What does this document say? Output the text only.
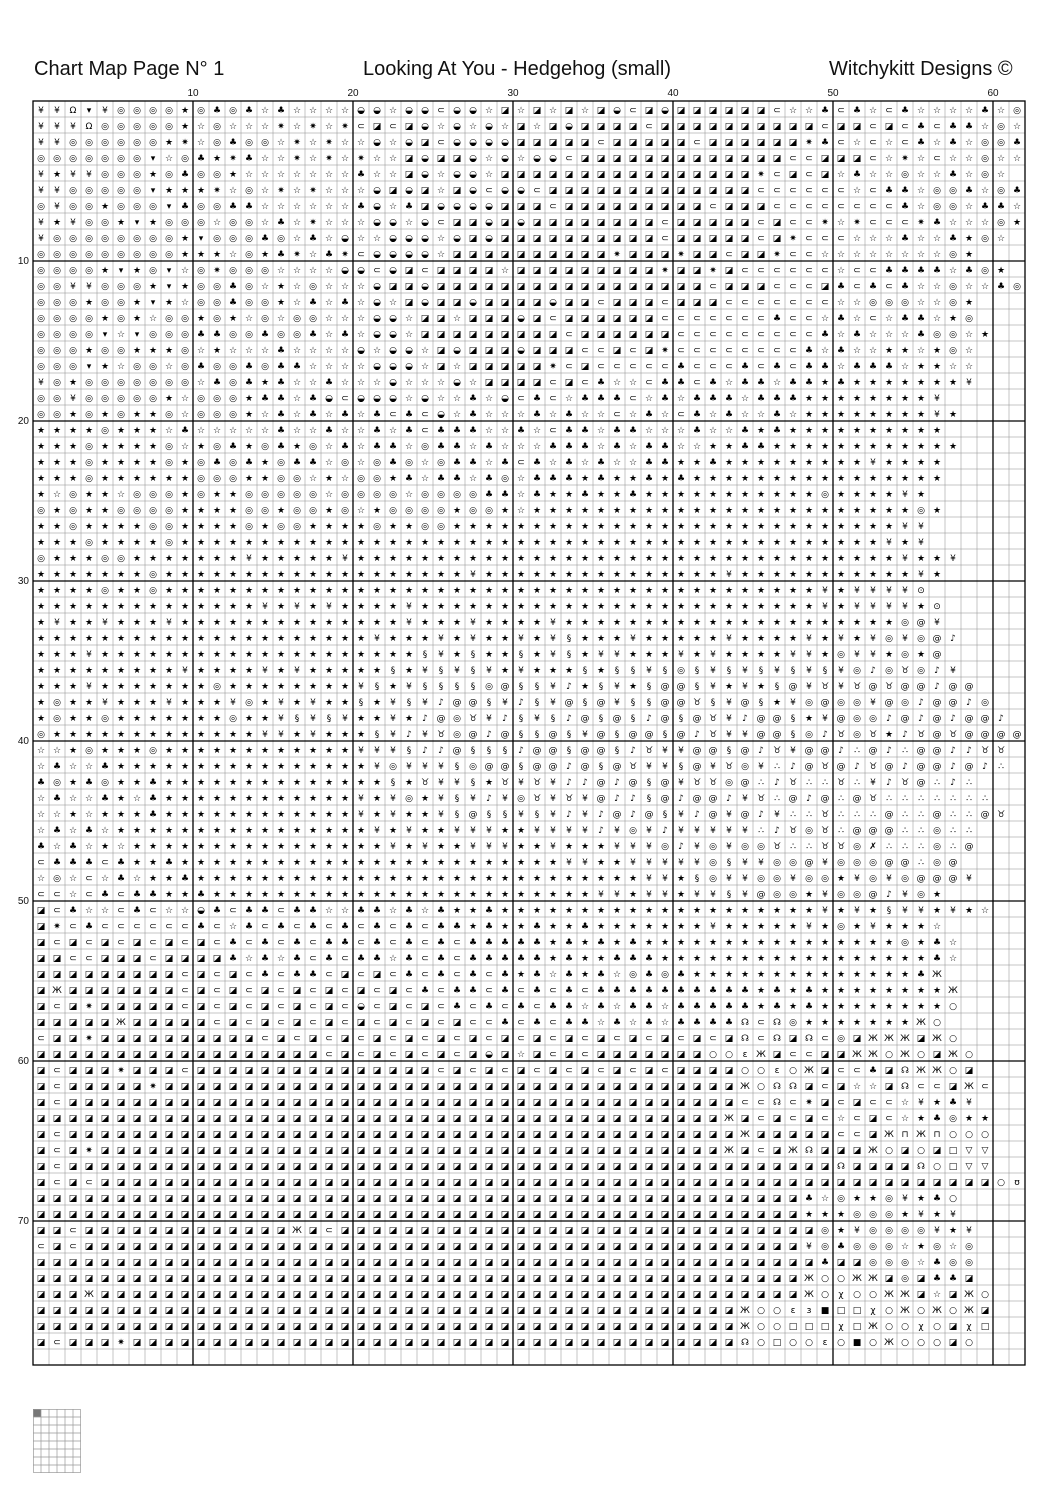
Chart Map Page N° 1	Looking At You - Hedgehog (small)	Witchykitt Designs ©
¥ ¥ Ω ▾ ¥ ◎ ◎ ◎ ◎ ★ ◎ ♣ ◎ ♣ ☆ ♣ ☆ ☆ ☆ ☆ ◒ ◒ ☆ ◒ ◒ ⊂ ◒ ◒ ☆ ◪ ☆ ◪ ☆ ◪ ☆ ◪ ◒ ⊂ ◪ ◒ ◪ ◪ ◪ ◪ ◪ ◪ ⊂ ☆ ☆ ♣ ⊂ ♣ ☆ ⊂ ♣ ☆ ☆ ☆ ☆ ♣ ☆ ◎
¥ ¥ ¥ Ω ◎ ◎ ◎ ◎ ◎ ★ ☆ ◎ ☆ ☆ ☆ ✷ ☆ ✷ ☆ ✷ ⊂ ◪ ⊂ ◪ ◒ ☆ ◒ ☆ ◒ ☆ ◪ ☆ ◪ ◒ ◪ ◪ ◪ ◪ ⊂ ◪ ◪ ◪ ◪ ◪ ◪ ◪ ◪ ◪ ◪ ⊂ ◪ ◪ ⊂ ◪ ⊂ ♣ ⊂ ♣ ♣ ☆ ◎ ☆
¥ ¥ ◎ ◎ ◎ ◎ ◎ ◎ ★ ✷ ☆ ◎ ♣ ◎ ◎ ☆ ✷ ☆ ✷ ☆ ☆ ◒ ☆ ◒ ◪ ⊂ ◒ ◒ ◒ ◒ ◪ ◪ ◪ ◪ ◪ ⊂ ◪ ◪ ◪ ◪ ◪ ⊂ ◪ ◪ ◪ ◪ ◪ ◪ ✷ ♣ ⊂ ☆ ⊂ ☆ ⊂ ♣ ☆ ♣ ☆ ◎ ◎ ♣
◎ ◎ ◎ ◎ ◎ ◎ ◎ ▾ ☆ ◎ ♣ ★ ✷ ♣ ☆ ☆ ✷ ☆ ✷ ☆ ✷ ☆ ☆ ◪ ◒ ◪ ◪ ◒ ☆ ◒ ☆ ◒ ◒ ⊂ ◪ ◪ ◪ ◪ ◪ ◪ ◪ ◪ ◪ ◪ ◪ ◪ ◪ ⊂ ⊂ ◪ ◪ ◪ ⊂ ☆ ✷ ☆ ⊂ ☆ ☆ ◎ ☆ ☆
¥ ★ ¥ ¥ ◎ ◎ ◎ ★ ◎ ♣ ◎ ◎ ★ ☆ ☆ ☆ ☆ ☆ ☆ ☆ ♣ ☆ ☆ ◪ ◒ ☆ ◒ ◒ ☆ ◪ ◪ ◪ ◪ ◪ ◪ ◪ ◪ ◪ ◪ ◪ ◪ ◪ ◪ ◪ ◪ ✷ ⊂ ◪ ⊂ ◪ ☆ ♣ ☆ ☆ ◎ ☆ ☆ ♣ ☆ ◎ ☆
¥ ¥ ◎ ◎ ◎ ◎ ◎ ▾ ★ ★ ★ ✷ ☆ ◎ ☆ ✷ ☆ ✷ ☆ ☆ ☆ ◒ ◪ ◒ ◪ ☆ ◪ ◒ ⊂ ◒ ◒ ⊂ ◪ ◪ ◪ ◪ ◪ ◪ ◪ ◪ ◪ ◪ ◪ ◪ ◪ ⊂ ⊂ ⊂ ⊂ ⊂ ⊂ ☆ ⊂ ♣ ♣ ☆ ◎ ◎ ♣ ☆ ◎ ♣
◎ ¥ ◎ ◎ ★ ◎ ◎ ◎ ▾ ♣ ◎ ◎ ♣ ♣ ☆ ☆ ☆ ☆ ☆ ☆ ♣ ◒ ☆ ♣ ◪ ◒ ◒ ◒ ◒ ◪ ◪ ◪ ⊂ ◪ ◪ ◪ ◪ ◪ ◪ ◪ ◪ ◪ ⊂ ◪ ◪ ◪ ⊂ ⊂ ⊂ ⊂ ⊂ ⊂ ⊂ ⊂ ♣ ☆ ◎ ◎ ☆ ♣ ♣ ☆
¥ ★ ¥ ◎ ◎ ★ ▾ ★ ◎ ◎ ◎ ☆ ◎ ◎ ☆ ♣ ☆ ✷ ☆ ☆ ☆ ◒ ◒ ☆ ◒ ⊂ ◪ ◪ ◒ ◪ ◒ ◪ ◪ ◪ ◪ ◪ ◪ ◪ ◪ ⊂ ◪ ◪ ◪ ◪ ◪ ⊂ ◪ ⊂ ⊂ ✷ ☆ ✷ ⊂ ⊂ ⊂ ✷ ♣ ☆ ☆ ☆ ◎ ★
¥ ◎ ◎ ◎ ◎ ◎ ◎ ◎ ◎ ★ ▾ ◎ ◎ ◎ ♣ ◎ ☆ ♣ ☆ ◒ ☆ ☆ ◒ ◒ ◒ ☆ ◒ ◪ ◒ ◪ ◪ ◪ ◪ ◪ ◪ ◪ ◪ ◪ ◪ ⊂ ◪ ◪ ◪ ◪ ◪ ⊂ ◪ ✷ ⊂ ⊂ ⊂ ☆ ☆ ☆ ♣ ☆ ☆ ♣ ★ ◎ ☆
◎ ◎ ◎ ◎ ◎ ◎ ◎ ◎ ◎ ★ ★ ★ ☆ ◎ ★ ♣ ✷ ☆ ♣ ✷ ⊂ ◒ ◒ ◒ ◒ ☆ ◪ ◪ ◪ ◪ ◪ ◪ ◪ ◪ ◪ ◪ ✷ ◪ ◪ ◪ ✷ ◪ ◪ ⊂ ◪ ◪ ✷ ⊂ ⊂ ☆ ☆ ☆ ☆ ☆ ☆ ☆ ☆ ◎ ★
◎ ◎ ◎ ◎ ★ ▾ ★ ◎ ▾ ☆ ◎ ✷ ◎ ◎ ◎ ☆ ☆ ☆ ☆ ◒ ◒ ⊂ ◒ ◪ ⊂ ◪ ◪ ◪ ◪ ☆ ◪ ◪ ◪ ◪ ◪ ◪ ◪ ◪ ◪ ✷ ◪ ◪ ✷ ◪ ⊂ ⊂ ⊂ ⊂ ⊂ ⊂ ☆ ⊂ ⊂ ♣ ♣ ♣ ♣ ☆ ♣ ◎ ★
◎ ◎ ¥ ¥ ◎ ◎ ◎ ★ ▾ ★ ◎ ◎ ♣ ◎ ☆ ★ ☆ ◎ ☆ ☆ ☆ ◒ ◪ ◪ ◒ ◪ ◪ ◪ ◪ ◪ ◪ ◪ ◪ ◪ ◪ ◪ ◪ ◪ ◪ ◪ ◪ ◪ ⊂ ◪ ◪ ◪ ⊂ ⊂ ⊂ ◪ ♣ ⊂ ♣ ⊂ ♣ ☆ ☆ ◎ ☆ ☆ ♣ ◎
◎ ◎ ◎ ★ ◎ ◎ ★ ▾ ★ ☆ ◎ ◎ ♣ ◎ ◎ ★ ☆ ♣ ☆ ♣ ☆ ◒ ☆ ◪ ◒ ◪ ◪ ◒ ◪ ◪ ◪ ◪ ◒ ◪ ◪ ⊂ ◪ ◪ ◪ ⊂ ◪ ◪ ◪ ⊂ ⊂ ⊂ ⊂ ⊂ ⊂ ⊂ ☆ ☆ ◎ ◎ ◎ ☆ ☆ ◎ ★
◎ ◎ ◎ ◎ ★ ◎ ★ ☆ ◎ ◎ ★ ◎ ★ ☆ ◎ ☆ ◎ ◎ ☆ ☆ ☆ ◒ ◒ ☆ ◪ ◪ ☆ ◪ ◪ ◪ ◒ ◪ ⊂ ◪ ◪ ◪ ◪ ◪ ◪ ⊂ ⊂ ⊂ ⊂ ⊂ ⊂ ⊂ ♣ ⊂ ⊂ ☆ ♣ ☆ ⊂ ☆ ♣ ♣ ☆ ★ ◎
◎ ◎ ◎ ◎ ▾ ☆ ▾ ◎ ◎ ◎ ♣ ♣ ◎ ◎ ♣ ◎ ◎ ♣ ☆ ♣ ☆ ◒ ◒ ☆ ◪ ◪ ◪ ◪ ◪ ◪ ◪ ◪ ◪ ⊂ ◪ ◪ ◪ ◪ ◪ ◪ ⊂ ⊂ ⊂ ⊂ ⊂ ⊂ ⊂ ⊂ ⊂ ♣ ☆ ♣ ☆ ☆ ☆ ♣ ◎ ◎ ☆ ★
◎ ◎ ◎ ★ ◎ ◎ ★ ★ ★ ◎ ☆ ★ ☆ ☆ ☆ ♣ ☆ ☆ ☆ ☆ ◒ ☆ ◒ ◒ ☆ ◪ ◒ ◪ ◪ ◪ ◒ ◪ ◪ ◪ ⊂ ⊂ ◪ ⊂ ◪ ✷ ⊂ ⊂ ⊂ ⊂ ⊂ ⊂ ⊂ ⊂ ♣ ☆ ♣ ☆ ☆ ★ ★ ☆ ★ ◎ ☆
◎ ◎ ◎ ▾ ★ ☆ ◎ ◎ ☆ ◎ ♣ ◎ ◎ ♣ ◎ ♣ ♣ ☆ ☆ ☆ ☆ ◒ ◒ ◒ ☆ ◪ ☆ ◪ ◪ ◪ ◪ ◪ ✷ ⊂ ◪ ⊂ ⊂ ⊂ ⊂ ⊂ ♣ ⊂ ⊂ ⊂ ♣ ⊂ ♣ ⊂ ♣ ♣ ☆ ♣ ♣ ♣ ☆ ★ ★ ☆ ☆
¥ ◎ ★ ◎ ◎ ◎ ◎ ◎ ◎ ◎ ☆ ♣ ◎ ♣ ★ ♣ ☆ ☆ ♣ ☆ ☆ ☆ ◒ ☆ ☆ ☆ ◒ ☆ ◪ ◪ ◪ ◪ ⊂ ◪ ⊂ ♣ ☆ ☆ ⊂ ♣ ♣ ⊂ ♣ ☆ ♣ ♣ ☆ ♣ ♣ ★ ♣ ★ ★ ★ ★ ★ ★ ★ ¥
◎ ◎ ¥ ◎ ◎ ◎ ◎ ◎ ★ ☆ ◎ ◎ ◎ ★ ♣ ♣ ☆ ♣ ◒ ⊂ ◒ ◒ ◒ ☆ ◒ ☆ ☆ ♣ ☆ ◒ ⊂ ♣ ⊂ ☆ ♣ ♣ ♣ ⊂ ☆ ♣ ☆ ♣ ♣ ♣ ☆ ♣ ♣ ♣ ★ ★ ★ ★ ★ ★ ★ ★ ¥
◎ ◎ ★ ◎ ★ ◎ ★ ★ ◎ ☆ ◎ ◎ ◎ ★ ☆ ♣ ☆ ♣ ☆ ♣ ☆ ♣ ⊂ ♣ ⊂ ◒ ☆ ♣ ☆ ☆ ☆ ♣ ☆ ♣ ☆ ☆ ⊂ ☆ ♣ ☆ ⊂ ♣ ☆ ♣ ☆ ☆ ♣ ☆ ★ ★ ★ ★ ★ ★ ★ ★ ¥ ★
★ ★ ★ ★ ◎ ★ ★ ★ ☆ ♣ ☆ ☆ ☆ ☆ ☆ ♣ ☆ ☆ ♣ ☆ ☆ ♣ ☆ ♣ ⊂ ♣ ♣ ♣ ☆ ☆ ♣ ☆ ⊂ ♣ ♣ ☆ ♣ ♣ ☆ ☆ ☆ ♣ ☆ ☆ ♣ ★ ♣ ★ ★ ★ ★ ★ ★ ★ ★ ★ ★
★ ★ ★ ◎ ★ ★ ★ ★ ◎ ☆ ★ ◎ ♣ ★ ◎ ♣ ★ ◎ ☆ ♣ ☆ ♣ ♣ ☆ ◎ ♣ ♣ ☆ ♣ ☆ ☆ ☆ ♣ ♣ ♣ ☆ ♣ ☆ ♣ ♣ ☆ ☆ ★ ★ ♣ ♣ ★ ★ ★ ★ ★ ★ ★ ★ ★ ★ ★ ★
★ ★ ★ ◎ ★ ★ ★ ★ ◎ ★ ◎ ♣ ◎ ♣ ★ ◎ ♣ ♣ ☆ ◎ ☆ ◎ ♣ ◎ ☆ ◎ ♣ ♣ ☆ ♣ ⊂ ♣ ☆ ♣ ☆ ♣ ☆ ☆ ♣ ♣ ★ ★ ♣ ★ ★ ★ ★ ★ ★ ★ ★ ★ ¥ ★ ★ ★ ★
★ ★ ★ ◎ ★ ★ ★ ★ ★ ★ ◎ ◎ ◎ ★ ★ ◎ ◎ ☆ ★ ☆ ◎ ◎ ★ ♣ ☆ ♣ ♣ ☆ ♣ ◎ ☆ ♣ ♣ ♣ ★ ♣ ★ ★ ♣ ★ ♣ ★ ★ ★ ★ ★ ★ ★ ★ ★ ★ ★ ★ ★ ★ ★ ★
★ ☆ ◎ ★ ★ ☆ ◎ ◎ ◎ ★ ◎ ★ ★ ◎ ◎ ◎ ◎ ◎ ☆ ◎ ◎ ◎ ◎ ☆ ◎ ◎ ◎ ◎ ♣ ♣ ☆ ♣ ★ ★ ♣ ★ ★ ♣ ★ ★ ★ ★ ★ ★ ★ ★ ★ ★ ★ ◎ ★ ★ ★ ★ ¥ ★
◎ ★ ◎ ★ ★ ◎ ◎ ◎ ◎ ★ ★ ★ ★ ◎ ◎ ★ ◎ ◎ ★ ◎ ☆ ★ ◎ ◎ ◎ ◎ ★ ◎ ◎ ★ ☆ ★ ★ ★ ★ ★ ★ ★ ★ ★ ★ ★ ★ ★ ★ ★ ★ ★ ★ ★ ★ ★ ★ ★ ★ ◎ ★
★ ★ ◎ ★ ★ ★ ★ ◎ ◎ ★ ★ ★ ★ ◎ ★ ◎ ◎ ★ ★ ★ ★ ◎ ★ ★ ◎ ◎ ★ ★ ★ ★ ★ ★ ★ ★ ★ ★ ★ ★ ★ ★ ★ ★ ★ ★ ★ ★ ★ ★ ★ ★ ★ ★ ★ ★ ¥ ¥
★ ★ ★ ◎ ★ ★ ★ ★ ◎ ★ ★ ★ ★ ★ ★ ★ ★ ★ ★ ★ ★ ★ ★ ★ ★ ★ ★ ★ ★ ★ ★ ★ ★ ★ ★ ★ ★ ★ ★ ★ ★ ★ ★ ★ ★ ★ ★ ★ ★ ★ ★ ★ ★ ¥ ★ ¥
◎ ★ ★ ★ ◎ ◎ ★ ★ ★ ★ ★ ★ ★ ¥ ★ ★ ★ ★ ★ ¥ ★ ★ ★ ★ ★ ★ ★ ★ ★ ★ ★ ★ ★ ★ ★ ★ ★ ★ ★ ★ ★ ★ ★ ★ ★ ★ ★ ★ ★ ★ ★ ★ ★ ★ ¥ ★ ★ ¥
★ ★ ★ ★ ★ ★ ★ ◎ ★ ★ ★ ★ ★ ★ ★ ★ ★ ★ ★ ★ ★ ★ ★ ★ ★ ★ ★ ¥ ★ ★ ★ ★ ★ ★ ★ ★ ★ ★ ★ ★ ★ ★ ★ ¥ ★ ★ ★ ★ ★ ★ ★ ★ ★ ★ ★ ¥ ★
★ ★ ★ ★ ◎ ★ ★ ◎ ★ ★ ★ ★ ★ ★ ★ ★ ★ ★ ★ ★ ★ ★ ★ ★ ★ ★ ★ ★ ★ ★ ★ ★ ★ ★ ★ ★ ★ ★ ★ ★ ★ ★ ★ ★ ★ ★ ★ ★ ★ ¥ ★ ¥ ¥ ¥ ¥ ⊙
★ ★ ★ ★ ★ ★ ★ ★ ★ ★ ★ ★ ★ ★ ¥ ★ ¥ ★ ¥ ★ ★ ★ ★ ¥ ★ ★ ★ ★ ★ ★ ★ ★ ★ ★ ★ ★ ★ ★ ★ ★ ★ ★ ★ ★ ★ ★ ★ ★ ★ ¥ ★ ¥ ¥ ¥ ¥ ★ ⊙
★ ¥ ★ ★ ¥ ★ ★ ★ ¥ ★ ★ ★ ★ ★ ★ ★ ★ ★ ★ ★ ★ ★ ★ ¥ ★ ★ ★ ¥ ★ ★ ★ ★ ¥ ★ ★ ★ ★ ★ ★ ★ ★ ★ ★ ★ ★ ★ ★ ★ ★ ★ ★ ★ ★ ★ ◎ @ ¥
★ ★ ★ ★ ★ ★ ★ ★ ★ ★ ★ ★ ★ ★ ★ ★ ★ ★ ★ ★ ★ ¥ ★ ★ ★ ¥ ★ ¥ ★ ★ ¥ ★ ¥ § ★ ★ ★ ¥ ★ ★ ★ ★ ★ ¥ ★ ★ ★ ★ ¥ ★ ¥ ★ ¥ ◎ ¥ ◎ @ ♪
★ ★ ★ ¥ ★ ★ ★ ★ ★ ★ ★ ★ ★ ★ ★ ★ ★ ★ ★ ★ ★ ★ ★ ★ § ¥ ★ § ★ ★ § ★ ¥ § ★ ¥ ¥ ★ ★ ★ ¥ ★ ¥ ★ ★ ★ ★ ¥ ¥ ★ ◎ ¥ ¥ ★ ◎ ★ @
★ ★ ★ ★ ★ ★ ★ ★ ★ ¥ ★ ★ ★ ★ ¥ ★ ¥ ★ ★ ★ ★ ★ § ★ ¥ § ¥ § ¥ ★ ¥ ★ ★ ★ § ★ § § ¥ § ◎ § ¥ § ¥ § ¥ § ¥ § ¥ ◎ ♪ ◎ ♉ ◎ ♪ ¥
★ ★ ★ ¥ ★ ★ ★ ★ ★ ★ ★ ◎ ★ ★ ★ ★ ★ ★ ★ ★ ¥ § ★ ¥ § § § § ◎ @ § § ¥ ♪ ★ § ¥ ★ § @ @ § ¥ ★ ¥ ★ § @ ¥ ♉ ¥ ♉ @ ♉ @ @ ♪ @ @
★ ◎ ★ ★ ¥ ★ ★ ★ ¥ ★ ★ ★ ¥ ◎ ★ ¥ ★ ¥ ★ ★ § ★ ¥ § ¥ ♪ @ @ § ¥ ♪ § ¥ @ § @ ¥ § § @ @ ♉ § ¥ @ § ★ ¥ ◎ @ ◎ ◎ ¥ @ ◎ ♪ @ @ ♪ ◎
★ ◎ ★ ★ ◎ ★ ★ ★ ★ ★ ★ ★ ◎ ★ ★ ¥ § ¥ § ¥ ★ ★ ¥ ★ ♪ @ ◎ ♉ ¥ ♪ § ¥ § ♪ @ § @ § ♪ @ § @ ♉ ¥ ♪ @ @ § ★ ¥ @ ◎ ◎ ♪ @ ♪ @ ♪ @ @ ♪
◎ ★ ★ ★ ★ ★ ★ ★ ★ ★ ★ ★ ★ ★ ¥ ¥ ★ ¥ ★ ★ ★ § ¥ ♪ ¥ ♉ ◎ @ ♪ @ § § @ § ¥ @ § @ @ § @ ♪ ♉ ¥ ¥ @ @ § ◎ ♪ ♉ ◎ ♉ ★ ♪ ♉ @ ♉ @ @ @ @
☆ ☆ ★ ◎ ★ ★ ★ ◎ ★ ★ ★ ★ ★ ★ ★ ★ ★ ★ ★ ★ ¥ ¥ ¥ § ♪ ♪ @ § § § ♪ @ @ § @ @ § ♪ ♉ ¥ ¥ @ @ § @ ♪ ♉ ¥ @ @ ♪ ∴ @ ♪ ∴ @ @ ♪ ♪ ♉ ♉
☆ ♣ ☆ ☆ ♣ ★ ★ ★ ★ ★ ★ ★ ★ ★ ★ ★ ★ ★ ★ ★ ★ ¥ ◎ ¥ ¥ ¥ § ◎ @ @ § @ @ ♪ @ § @ ♉ ¥ ¥ § @ ¥ ♉ ◎ ¥ ∴ ♪ @ ♉ @ ♪ ♉ @ ♪ @ @ ♪ @ ♪ ∴
♣ ◎ ★ ♣ ◎ ★ ★ ♣ ★ ★ ★ ★ ★ ★ ★ ★ ★ ★ ★ ★ ★ ★ § ★ ♉ ¥ ¥ § ★ ♉ ¥ ♉ ¥ ♪ ♪ @ ♪ @ § @ ¥ ♉ ♉ ◎ @ ∴ ♪ ♉ ∴ ∴ ♉ ∴ ¥ ♪ ♉ @ ∴ ♪ ∴
☆ ♣ ☆ ☆ ♣ ★ ☆ ♣ ★ ★ ★ ★ ★ ★ ★ ★ ★ ★ ★ ★ ¥ ★ ¥ ◎ ★ ¥ § ¥ ♪ ¥ ◎ ♉ ¥ ♉ ¥ @ ♪ ♪ § @ ♪ @ @ ♪ ¥ ♉ ∴ @ ♪ @ ∴ @ ♉ ∴ ∴ ∴ ∴ ∴ ∴ ∴
☆ ☆ ★ ☆ ★ ★ ★ ♣ ★ ★ ★ ★ ★ ★ ★ ★ ★ ★ ★ ★ ¥ ★ ¥ ★ ★ ¥ § @ § § ¥ § ¥ ♪ ¥ ♪ @ ♪ @ § ¥ ♪ @ ¥ @ ♪ ¥ ∴ ∴ ♉ ∴ ∴ ∴ @ ∴ ∴ @ ∴ ∴ @ ♉
☆ ♣ ☆ ♣ ☆ ★ ★ ★ ★ ★ ★ ★ ★ ★ ★ ★ ★ ★ ★ ★ ★ ¥ ★ ¥ ★ ★ ¥ ¥ ¥ ★ ★ ¥ ¥ ¥ ¥ ♪ ¥ ◎ ¥ ♪ ¥ ¥ ¥ ¥ ¥ ∴ ♪ ♉ ◎ ♉ ∴ @ @ @ ∴ ∴ ◎ ∴ ∴
♣ ☆ ♣ ☆ ★ ☆ ★ ★ ★ ★ ★ ★ ★ ★ ★ ★ ★ ★ ★ ★ ★ ★ ¥ ★ ¥ ★ ★ ¥ ¥ ¥ ★ ★ ¥ ★ ★ ★ ¥ ¥ ¥ ◎ ♪ ¥ ◎ ¥ ◎ ◎ ♉ ∴ ∴ ♉ ♉ ◎ ✗ ∴ ∴ ∴ ◎ ∴ @
⊂ ♣ ♣ ♣ ⊂ ♣ ★ ★ ♣ ★ ★ ★ ★ ★ ★ ★ ★ ★ ★ ★ ★ ★ ★ ★ ★ ★ ★ ★ ★ ★ ★ ★ ★ ¥ ¥ ★ ★ ¥ ¥ ¥ ¥ ¥ ◎ § ¥ ¥ ◎ ◎ @ ¥ ◎ ◎ ◎ @ @ ∴ ◎ @
☆ ◎ ☆ ⊂ ☆ ♣ ☆ ★ ★ ♣ ★ ★ ★ ★ ★ ★ ★ ★ ★ ★ ★ ★ ★ ★ ★ ★ ★ ★ ★ ★ ★ ★ ★ ★ ★ ★ ★ ★ ¥ ¥ ★ § ◎ ¥ ¥ ◎ ◎ ¥ ◎ ◎ ★ ¥ ◎ ¥ ◎ @ @ @ ¥
⊂ ⊂ ☆ ⊂ ♣ ⊂ ♣ ♣ ★ ★ ♣ ★ ★ ★ ★ ★ ★ ★ ★ ★ ★ ★ ★ ★ ★ ★ ★ ★ ★ ★ ★ ★ ★ ★ ★ ¥ ¥ ★ ¥ ¥ ★ ¥ ¥ § ¥ @ ◎ ◎ ★ ¥ ◎ ◎ @ ♪ ¥ ◎ ★
◪ ⊂ ♣ ☆ ☆ ⊂ ♣ ⊂ ☆ ☆ ◒ ♣ ⊂ ♣ ♣ ⊂ ♣ ♣ ☆ ☆ ♣ ♣ ☆ ♣ ☆ ♣ ★ ★ ♣ ★ ★ ★ ★ ★ ★ ★ ★ ★ ★ ★ ★ ★ ★ ★ ★ ★ ★ ★ ★ ¥ ★ ¥ ★ § ¥ ¥ ★ ¥ ★ ☆
◪ ✷ ⊂ ♣ ⊂ ⊂ ⊂ ⊂ ⊂ ⊂ ♣ ⊂ ☆ ♣ ⊂ ♣ ⊂ ♣ ⊂ ♣ ⊂ ♣ ⊂ ♣ ⊂ ♣ ♣ ★ ♣ ★ ★ ♣ ★ ★ ♣ ★ ★ ★ ★ ★ ★ ★ ¥ ★ ★ ★ ★ ★ ¥ ★ ◎ ★ ¥ ★ ★ ★ ☆
◪ ⊂ ◪ ⊂ ◪ ⊂ ◪ ⊂ ◪ ⊂ ◪ ⊂ ♣ ⊂ ♣ ⊂ ♣ ⊂ ♣ ♣ ⊂ ♣ ⊂ ♣ ⊂ ♣ ⊂ ♣ ♣ ♣ ♣ ♣ ★ ♣ ★ ♣ ★ ♣ ★ ★ ★ ★ ★ ★ ★ ★ ★ ★ ★ ★ ★ ★ ★ ★ ◎ ★ ♣ ☆
◪ ◪ ⊂ ⊂ ◪ ◪ ◪ ⊂ ◪ ◪ ◪ ◪ ♣ ☆ ♣ ☆ ♣ ⊂ ♣ ⊂ ♣ ♣ ☆ ♣ ⊂ ♣ ⊂ ♣ ♣ ♣ ♣ ♣ ★ ♣ ★ ★ ♣ ♣ ♣ ★ ★ ★ ★ ★ ★ ★ ★ ★ ★ ★ ★ ★ ★ ★ ★ ★ ♣ ☆
◪ ◪ ◪ ◪ ◪ ◪ ◪ ◪ ◪ ⊂ ◪ ⊂ ◪ ⊂ ♣ ⊂ ♣ ♣ ⊂ ◪ ⊂ ◪ ⊂ ♣ ⊂ ♣ ⊂ ♣ ⊂ ♣ ★ ♣ ☆ ♣ ★ ♣ ☆ ◎ ♣ ◎ ♣ ★ ★ ★ ★ ★ ★ ★ ★ ★ ★ ★ ★ ★ ★ ♣ Ж
◪ Ж ◪ ◪ ◪ ◪ ◪ ◪ ◪ ⊂ ◪ ⊂ ◪ ⊂ ◪ ⊂ ◪ ⊂ ◪ ⊂ ◪ ⊂ ◪ ⊂ ♣ ⊂ ♣ ♣ ⊂ ♣ ⊂ ♣ ⊂ ♣ ⊂ ♣ ♣ ♣ ♣ ♣ ♣ ♣ ♣ ♣ ♣ ★ ♣ ★ ♣ ★ ★ ★ ★ ★ ★ ★ ★ Ж
◪ ⊂ ◪ ✷ ◪ ◪ ◪ ◪ ◪ ⊂ ◪ ⊂ ◪ ⊂ ◪ ⊂ ◪ ⊂ ◪ ⊂ ◒ ⊂ ◪ ⊂ ◪ ⊂ ♣ ⊂ ♣ ⊂ ♣ ⊂ ♣ ♣ ☆ ♣ ☆ ♣ ♣ ☆ ♣ ♣ ♣ ♣ ♣ ★ ♣ ★ ♣ ★ ★ ★ ★ ★ ★ ★ ★ ○
◪ ◪ ◪ ◪ ◪ Ж ◪ ◪ ◪ ◪ ◪ ⊂ ◪ ⊂ ◪ ⊂ ◪ ⊂ ◪ ⊂ ◪ ⊂ ◪ ⊂ ◪ ⊂ ◪ ⊂ ⊂ ♣ ⊂ ♣ ⊂ ♣ ♣ ☆ ♣ ☆ ♣ ☆ ♣ ♣ ♣ ♣ ☊ ⊂ ☊ ◎ ★ ★ ★ ★ ★ ★ ★ Ж ○
⊂ ◪ ◪ ✷ ◪ ◪ ◪ ◪ ◪ ◪ ◪ ◪ ◪ ◪ ⊂ ◪ ⊂ ◪ ⊂ ◪ ⊂ ◪ ⊂ ◪ ⊂ ◪ ⊂ ◪ ⊂ ◪ ⊂ ◪ ⊂ ◪ ⊂ ◪ ⊂ ◪ ⊂ ◪ ⊂ ◪ ⊂ ◪ ☊ ⊂ ☊ ◪ ☊ ⊂ ◎ ◪ Ж Ж Ж ◪ Ж ○
◪ ◪ ◪ ◪ ◪ ◪ ◪ ◪ ◪ ◪ ◪ ◪ ◪ ◪ ◪ ◪ ◪ ◪ ⊂ ◪ ⊂ ◪ ⊂ ◪ ⊂ ◪ ⊂ ◪ ◒ ◪ ☆ ◪ ⊂ ◪ ⊂ ◪ ◪ ◪ ◪ ◪ ◪ ◪ ○ ○ ɛ Ж ◪ ⊂ ⊂ ◪ ◪ Ж Ж ○ Ж ○ ◪ Ж ○
◪ ⊂ ◪ ◪ ◪ ✷ ◪ ◪ ◪ ⊂ ◪ ◪ ◪ ◪ ◪ ◪ ◪ ◪ ◪ ◪ ◪ ◪ ◪ ◪ ◪ ⊂ ◪ ⊂ ◪ ⊂ ◪ ⊂ ◪ ⊂ ◪ ⊂ ◪ ⊂ ◪ ⊂ ◪ ◪ ◪ ◪ ○ ○ ɛ ○ Ж ◪ ⊂ ⊂ ♣ ◪ ☊ Ж Ж ○ ◪
◪ ⊂ ◪ ◪ ◪ ◪ ◪ ✷ ◪ ◪ ◪ ◪ ◪ ◪ ◪ ◪ ◪ ◪ ◪ ◪ ◪ ◪ ◪ ◪ ◪ ◪ ◪ ◪ ◪ ◪ ◪ ◪ ◪ ◪ ◪ ◪ ◪ ◪ ◪ ◪ ◪ ◪ ◪ ◪ Ж ○ ☊ ☊ ◪ ⊂ ◪ ☆ ☆ ◪ ☊ ⊂ ⊂ ◪ Ж ⊂
◪ ⊂ ◪ ◪ ◪ ◪ ◪ ◪ ◪ ◪ ◪ ◪ ◪ ◪ ◪ ◪ ◪ ◪ ◪ ◪ ◪ ◪ ◪ ◪ ◪ ◪ ◪ ◪ ◪ ◪ ◪ ◪ ◪ ◪ ◪ ◪ ◪ ◪ ◪ ◪ ◪ ◪ ◪ ◪ ⊂ ⊂ ☊ ⊂ ✷ ◪ ⊂ ◪ ⊂ ⊂ ☆ ¥ ★ ♣ ¥
◪ ◪ ◪ ◪ ◪ ◪ ◪ ◪ ◪ ◪ ◪ ◪ ◪ ◪ ◪ ◪ ◪ ◪ ◪ ◪ ◪ ◪ ◪ ◪ ◪ ◪ ◪ ◪ ◪ ◪ ◪ ◪ ◪ ◪ ◪ ◪ ◪ ◪ ◪ ◪ ◪ ◪ ◪ Ж ◪ ⊂ ◪ ⊂ ◪ ⊂ ☆ ⊂ ◪ ⊂ ☆ ★ ♣ ◎ ★ ★
◪ ⊂ ◪ ◪ ◪ ◪ ◪ ◪ ◪ ◪ ◪ ◪ ◪ ◪ ◪ ◪ ◪ ◪ ◪ ◪ ◪ ◪ ◪ ◪ ◪ ◪ ◪ ◪ ◪ ◪ ◪ ◪ ◪ ◪ ◪ ◪ ◪ ◪ ◪ ◪ ◪ ◪ ◪ ◪ Ж ◪ ◪ ◪ ◪ ◪ ⊂ ⊂ ◪ Ж ⊓ Ж ⊓ ○ ○ ○
◪ ⊂ ◪ ✷ ◪ ◪ ◪ ◪ ◪ ◪ ◪ ◪ ◪ ◪ ◪ ◪ ◪ ◪ ◪ ◪ ◪ ◪ ◪ ◪ ◪ ◪ ◪ ◪ ◪ ◪ ◪ ◪ ◪ ◪ ◪ ◪ ◪ ◪ ◪ ◪ ◪ ◪ ◪ Ж ◪ ⊂ ◪ Ж ☊ ◪ ◪ ◪ Ж ○ ◪ ○ ◪ □ ▽ ▽
◪ ⊂ ◪ ◪ ◪ ◪ ◪ ◪ ◪ ◪ ◪ ◪ ◪ ◪ ◪ ◪ ◪ ◪ ◪ ◪ ◪ ◪ ◪ ◪ ◪ ◪ ◪ ◪ ◪ ◪ ◪ ◪ ◪ ◪ ◪ ◪ ◪ ◪ ◪ ◪ ◪ ◪ ◪ ◪ ◪ ◪ ◪ ◪ ◪ ◪ ☊ ◪ ◪ ◪ ◪ ☊ ○ □ ▽ ▽
◪ ⊂ ◪ ⊂ ◪ ◪ ◪ ◪ ◪ ◪ ◪ ◪ ◪ ◪ ◪ ◪ ◪ ◪ ◪ ◪ ◪ ◪ ◪ ◪ ◪ ◪ ◪ ◪ ◪ ◪ ◪ ◪ ◪ ◪ ◪ ◪ ◪ ◪ ◪ ◪ ◪ ◪ ◪ ◪ ◪ ◪ ◪ ◪ ◪ ◪ ◪ ◪ ◪ ◪ ◪ ◪ ◪ ◪ ◪ ◪ ○ ʊ
◪ ◪ ◪ ◪ ◪ ◪ ◪ ◪ ◪ ◪ ◪ ◪ ◪ ◪ ◪ ◪ ◪ ◪ ◪ ◪ ◪ ◪ ◪ ◪ ◪ ◪ ◪ ◪ ◪ ◪ ◪ ◪ ◪ ◪ ◪ ◪ ◪ ◪ ◪ ◪ ◪ ◪ ◪ ◪ ◪ ◪ ◪ ◪ ♣ ☆ ◎ ★ ★ ◎ ¥ ★ ♣ ○
◪ ◪ ◪ ◪ ◪ ◪ ◪ ◪ ◪ ◪ ◪ ◪ ◪ ◪ ◪ ◪ ◪ ◪ ◪ ◪ ◪ ◪ ◪ ◪ ◪ ◪ ◪ ◪ ◪ ◪ ◪ ◪ ◪ ◪ ◪ ◪ ◪ ◪ ◪ ◪ ◪ ◪ ◪ ◪ ◪ ◪ ◪ ◪ ★ ★ ★ ◎ ◎ ◎ ★ ¥ ★ ¥
◪ ◪ ⊂ ◪ ◪ ◪ ◪ ◪ ◪ ◪ ◪ ◪ ◪ ◪ ◪ ◪ Ж ◪ ⊂ ◪ ◪ ◪ ◪ ◪ ◪ ◪ ◪ ◪ ◪ ◪ ◪ ◪ ◪ ◪ ◪ ◪ ◪ ◪ ◪ ◪ ◪ ◪ ◪ ◪ ◪ ◪ ◪ ◪ ◪ ◎ ★ ¥ ◎ ◎ ◎ ◎ ¥ ★ ¥
⊂ ◪ ⊂ ◪ ◪ ◪ ◪ ◪ ◪ ◪ ◪ ◪ ◪ ◪ ◪ ◪ ◪ ◪ ◪ ◪ ◪ ◪ ◪ ◪ ◪ ◪ ◪ ◪ ◪ ◪ ◪ ◪ ◪ ◪ ◪ ◪ ◪ ◪ ◪ ◪ ◪ ◪ ◪ ◪ ◪ ◪ ◪ ◪ ¥ ◎ ♣ ◎ ◎ ◎ ☆ ★ ◎ ☆ ◎
◪ ◪ ◪ ◪ ◪ ◪ ◪ ◪ ◪ ◪ ◪ ◪ ◪ ◪ ◪ ◪ ◪ ◪ ◪ ◪ ◪ ◪ ◪ ◪ ◪ ◪ ◪ ◪ ◪ ◪ ◪ ◪ ◪ ◪ ◪ ◪ ◪ ◪ ◪ ◪ ◪ ◪ ◪ ◪ ◪ ◪ ◪ ◪ ◪ ♣ ◪ ◪ ◎ ◎ ◎ ☆ ♣ ◎ ◎
◪ ◪ ◪ ◪ ◪ ◪ ◪ ◪ ◪ ◪ ◪ ◪ ◪ ◪ ◪ ◪ ◪ ◪ ◪ ◪ ◪ ◪ ◪ ◪ ◪ ◪ ◪ ◪ ◪ ◪ ◪ ◪ ◪ ◪ ◪ ◪ ◪ ◪ ◪ ◪ ◪ ◪ ◪ ◪ ◪ ◪ ◪ ◪ Ж ○ ○ Ж Ж ◪ ◎ ◪ ♣ ♣ ◪
◪ ◪ ◪ Ж ◪ ◪ ◪ ◪ ◪ ◪ ◪ ◪ ◪ ◪ ◪ ◪ ◪ ◪ ◪ ◪ ◪ ◪ ◪ ◪ ◪ ◪ ◪ ◪ ◪ ◪ ◪ ◪ ◪ ◪ ◪ ◪ ◪ ◪ ◪ ◪ ◪ ◪ ◪ ◪ ◪ ◪ ◪ ◪ Ж ○ χ ○ ○ Ж Ж ◪ ☆ ◪ Ж ○
◪ ◪ ◪ ◪ ◪ ◪ ◪ ◪ ◪ ◪ ◪ ◪ ◪ ◪ ◪ ◪ ◪ ◪ ◪ ◪ ◪ ◪ ◪ ◪ ◪ ◪ ◪ ◪ ◪ ◪ ◪ ◪ ◪ ◪ ◪ ◪ ◪ ◪ ◪ ◪ ◪ ◪ ◪ ◪ Ж ○ ○ ɛ ɜ ■ □ □ χ ○ Ж ○ Ж ○ Ж ◪
◪ ◪ ◪ ◪ ◪ ◪ ◪ ◪ ◪ ◪ ◪ ◪ ◪ ◪ ◪ ◪ ◪ ◪ ◪ ◪ ◪ ◪ ◪ ◪ ◪ ◪ ◪ ◪ ◪ ◪ ◪ ◪ ◪ ◪ ◪ ◪ ◪ ◪ ◪ ◪ ◪ ◪ ◪ ◪ Ж ○ ○ □ □ □ χ □ Ж ○ ○ χ ○ ◪ χ □
◪ ⊂ ◪ ◪ ◪ ✷ ◪ ◪ ◪ ◪ ◪ ◪ ◪ ◪ ◪ ◪ ◪ ◪ ◪ ◪ ◪ ◪ ◪ ◪ ◪ ◪ ◪ ◪ ◪ ◪ ◪ ◪ ◪ ◪ ◪ ◪ ◪ ◪ ◪ ◪ ◪ ◪ ◪ ◪ ☊ ○ □ ○ ○ ɛ ○ ■ ○ Ж ○ ○ ○ ◪ ○
10	20	30	40	50	60
10
20
30
40
50
60
70
